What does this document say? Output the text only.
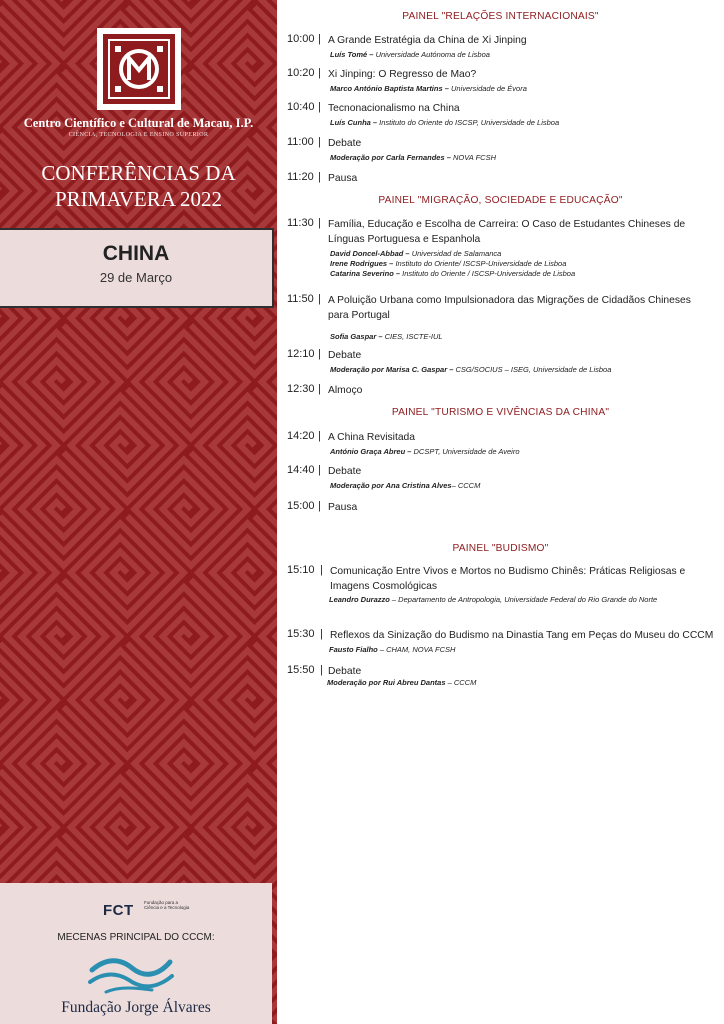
Centro Científico e Cultural de Macau, I.P.
CIÊNCIA, TECNOLOGIA E ENSINO SUPERIOR
CONFERÊNCIAS DA
PRIMAVERA 2022
CHINA
29 de Março
FCT Fundação para a Ciência e a Tecnologia
MECENAS PRINCIPAL DO CCCM:
Fundação Jorge Álvares
PAINEL "RELAÇÕES INTERNACIONAIS"
PAINEL "MIGRAÇÃO, SOCIEDADE E EDUCAÇÃO"
PAINEL "TURISMO E VIVÊNCIAS DA CHINA"
PAINEL "BUDISMO"
10:00 | A Grande Estratégia da China de Xi Jinping
Luís Tomé – Universidade Autónoma de Lisboa
10:20 | Xi Jinping: O Regresso de Mao?
Marco António Baptista Martins – Universidade de Évora
10:40 | Tecnonacionalismo na China
Luís Cunha – Instituto do Oriente do ISCSP, Universidade de Lisboa
11:00 | Debate
Moderação por Carla Fernandes – NOVA FCSH
11:20 | Pausa
11:30 | Família, Educação e Escolha de Carreira: O Caso de Estudantes Chineses de Línguas Portuguesa e Espanhola
David Doncel-Abbad – Universidad de Salamanca
Irene Rodrigues – Instituto do Oriente/ ISCSP-Universidade de Lisboa
Catarina Severino – Instituto do Oriente / ISCSP-Universidade de Lisboa
11:50 | A Poluição Urbana como Impulsionadora das Migrações de Cidadãos Chineses para Portugal
Sofia Gaspar – CIES, ISCTE-IUL
12:10 | Debate
Moderação por Marisa C. Gaspar – CSG/SOCIUS – ISEG, Universidade de Lisboa
12:30 | Almoço
14:20 | A China Revisitada
António Graça Abreu – DCSPT, Universidade de Aveiro
14:40 | Debate
Moderação por Ana Cristina Alves– CCCM
15:00 | Pausa
15:10 | Comunicação Entre Vivos e Mortos no Budismo Chinês: Práticas Religiosas e Imagens Cosmológicas
Leandro Durazzo – Departamento de Antropologia, Universidade Federal do Rio Grande do Norte
15:30 | Reflexos da Sinização do Budismo na Dinastia Tang em Peças do Museu do CCCM
Fausto Fialho – CHAM, NOVA FCSH
15:50 | Debate
Moderação por Rui Abreu Dantas – CCCM
